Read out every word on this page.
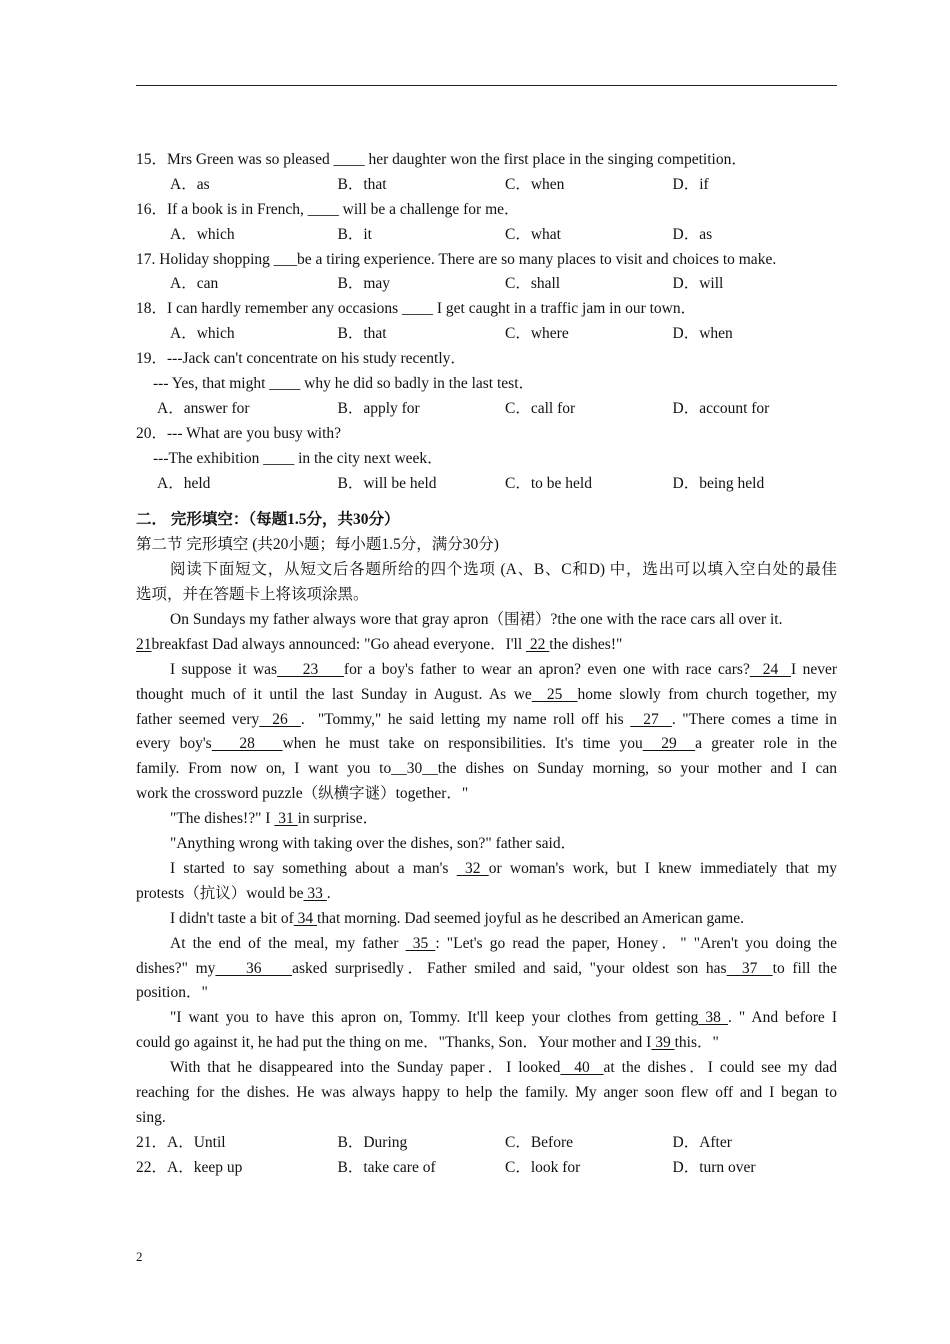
15．Mrs Green was so pleased ____ her daughter won the first place in the singing competition．
A．as	B．that	C．when	D．if
16．If a book is in French, ____ will be a challenge for me．
A．which	B．it	C．what	D．as
17. Holiday shopping ___be a tiring experience. There are so many places to visit and choices to make.
A．can	B．may	C．shall	D．will
18．I can hardly remember any occasions ____ I get caught in a traffic jam in our town．
A．which	B．that	C．where	D．when
19．---Jack can't concentrate on his study recently．
--- Yes, that might ____ why he did so badly in the last test．
A．answer for	B．apply for	C．call for	D．account for
20．--- What are you busy with?
---The exhibition ____ in the city next week．
A．held	B．will be held	C．to be held	D．being held
二． 完形填空：（每题1.5分，共30分）
第二节 完形填空 (共20小题；每小题1.5分，满分30分)
阅读下面短文，从短文后各题所给的四个选项 (A、B、C和D) 中，选出可以填入空白处的最佳
选项，并在答题卡上将该项涂黑。
On Sundays my father always wore that gray apron（围裙）?the one with the race cars all over it.
21breakfast Dad always announced: "Go ahead everyone．I'll  22 the dishes!"
I suppose it was    23    for a boy's father to wear an apron? even one with race cars?  24  I never
thought much of it until the last Sunday in August. As we  25  home slowly from church together, my
father seemed very  26  .  "Tommy," he said letting my name roll off his   27  . "There comes a time in
every boy's   28   when he must take on responsibilities. It's time you  29  a greater role in the
family. From now on, I want you to__30__the dishes on Sunday morning, so your mother and I can
work the crossword puzzle（纵横字谜）together．"
"The dishes!?" I  31 in surprise．
"Anything wrong with taking over the dishes, son?" father said．
I started to say something about a man's  32 or woman's work, but I knew immediately that my
protests（抗议）would be 33 .
I didn't taste a bit of 34 that morning. Dad seemed joyful as he described an American game.
At the end of the meal, my father  35 : "Let's go read the paper, Honey．" "Aren't you doing the
dishes?" my    36    asked surprisedly．Father smiled and said, "your oldest son has  37  to fill the
position．"
"I want you to have this apron on, Tommy. It'll keep your clothes from getting 38 . " And before I
could go against it, he had put the thing on me．"Thanks, Son．Your mother and I 39 this．"
With that he disappeared into the Sunday paper．I looked  40  at the dishes．I could see my dad
reaching for the dishes. He was always happy to help the family. My anger soon flew off and I began to
sing.
21．A．Until	B．During	C．Before	D．After
22．A．keep up	B．take care of	C．look for	D．turn over
2
